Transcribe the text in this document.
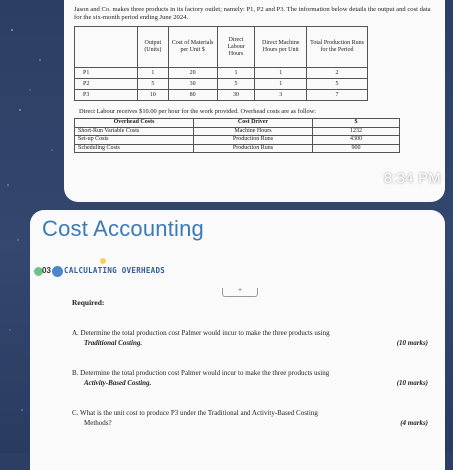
Jason and Co. makes three products in its factory outlet; namely: P1, P2 and P3. The information below details the output and cost data for the six-month period ending June 2024.

	Output (Units)	Cost of Materials per Unit $	Direct Labour Hours	Direct Machine Hours per Unit	Total Production Runs for the Period
P1	1	20	1	1	2
P2	5	30	5	1	5
P3	10	80	30	3	7

Direct Labour receives $10.00 per hour for the work provided. Overhead costs are as follow:

Overhead Costs	Cost Driver	$
Short-Run Variable Costs	Machine Hours	1232
Set-up Costs	Production Runs	4300
Scheduling Costs	Production Runs	900
8:34 PM
Cost Accounting
03 CALCULATING OVERHEADS
+
Required:
A. Determine the total production cost Palmer would incur to make the three products using
Traditional Costing.	(10 marks)
B. Determine the total production cost Palmer would incur to make the three products using
Activity-Based Costing.	(10 marks)
C. What is the unit cost to produce P3 under the Traditional and Activity-Based Costing
Methods?	(4 marks)
